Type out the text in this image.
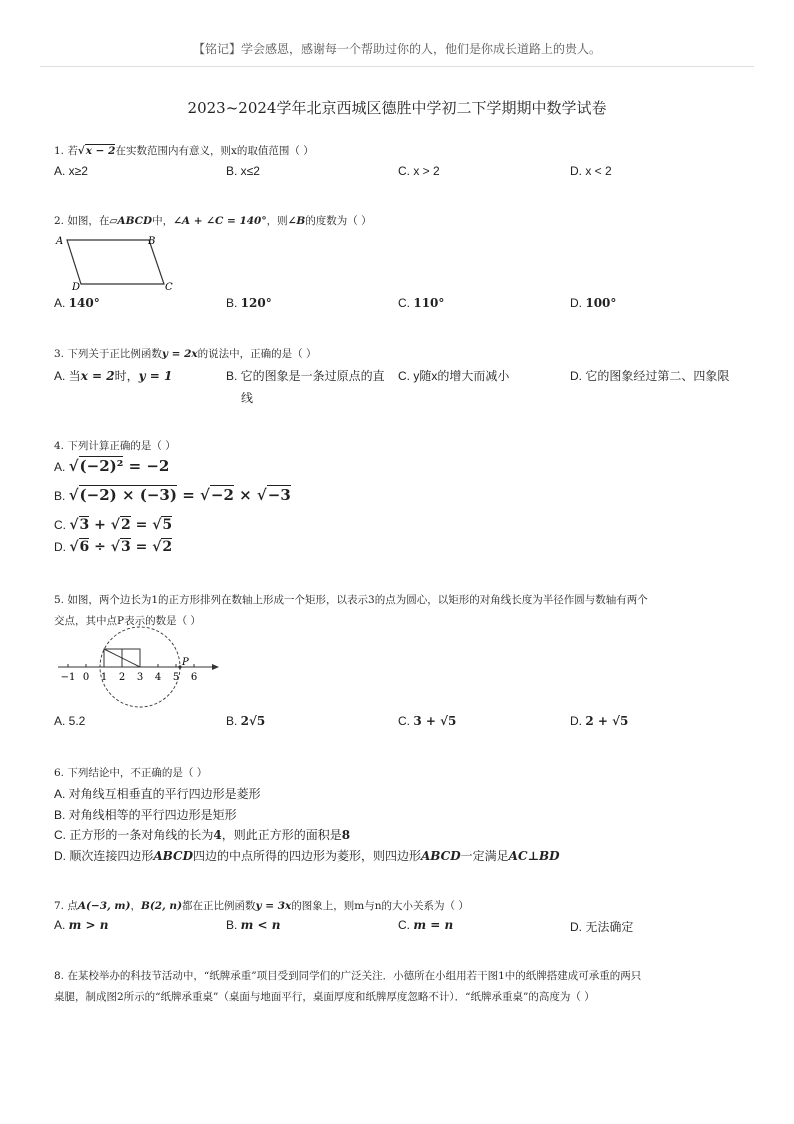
【铭记】学会感恩，感谢每一个帮助过你的人，他们是你成长道路上的贵人。
2023~2024学年北京西城区德胜中学初二下学期期中数学试卷
1. 若√x − 2在实数范围内有意义，则x的取值范围（ ）
A. x≥2	B. x≤2	C. x > 2	D. x < 2
2. 如图，在▱ABCD中，∠A + ∠C = 140°，则∠B的度数为（ ）
A	B
C
D
A. 140°	B. 120°	C. 110°	D. 100°
3. 下列关于正比例函数y = 2x的说法中，正确的是（ ）
A. 当x = 2时，y = 1	B. 它的图象是一条过原点的直
线
C. y随x的增大而减小	D. 它的图象经过第二、四象限
4. 下列计算正确的是（ ）
A. √(−2)² = −2
B. √(−2) × (−3) = √−2 × √−3
C. √3 + √2 = √5
D. √6 ÷ √3 = √2
5. 如图，两个边长为1的正方形排列在数轴上形成一个矩形，以表示3的点为圆心，以矩形的对角线长度为半径作圆与数轴有两个
交点，其中点P表示的数是（ ）
−1 0 1 2 3 4 5 6
P
A. 5.2	B. 2√5	C. 3 + √5	D. 2 + √5
6. 下列结论中，不正确的是（ ）
A. 对角线互相垂直的平行四边形是菱形
B. 对角线相等的平行四边形是矩形
C. 正方形的一条对角线的长为4，则此正方形的面积是8
D. 顺次连接四边形ABCD四边的中点所得的四边形为菱形，则四边形ABCD一定满足AC⊥BD
7. 点A(−3, m)，B(2, n)都在正比例函数y = 3x的图象上，则m与n的大小关系为（ ）
A. m > n	B. m < n	C. m = n	D. 无法确定
8. 在某校举办的科技节活动中，“纸牌承重”项目受到同学们的广泛关注．小德所在小组用若干图1中的纸牌搭建成可承重的两只
桌腿，制成图2所示的“纸牌承重桌”（桌面与地面平行，桌面厚度和纸牌厚度忽略不计）．“纸牌承重桌”的高度为（ ）
